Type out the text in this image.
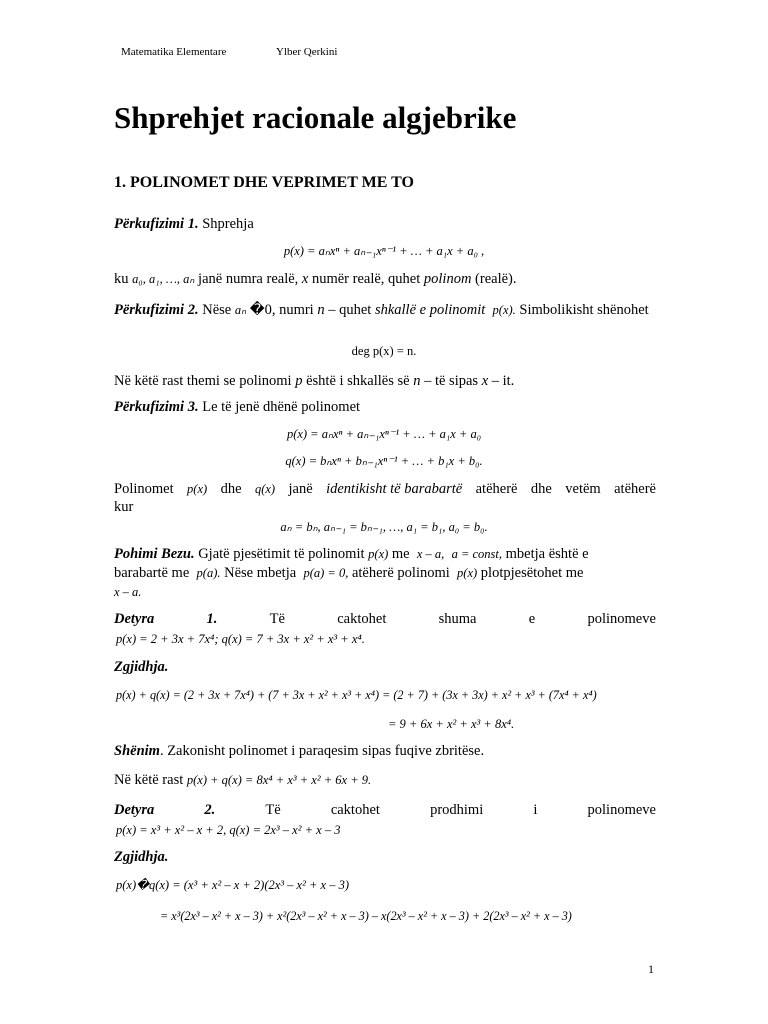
Matematika Elementare	Ylber Qerkini
Shprehjet racionale algjebrike
1. POLINOMET DHE VEPRIMET ME TO
Përkufizimi 1. Shprehja
p(x) = aₙxⁿ + aₙ₋₁xⁿ⁻¹ + … + a₁x + a₀ ,
ku a₀, a₁, …, aₙ janë numra realë, x numër realë, quhet polinom (realë).
Përkufizimi 2. Nëse aₙ �0, numri n – quhet shkallë e polinomit p(x). Simbolikisht shënohet
deg p(x) = n.
Në këtë rast themi se polinomi p është i shkallës së n – të sipas x – it.
Përkufizimi 3. Le të jenë dhënë polinomet
p(x) = aₙxⁿ + aₙ₋₁xⁿ⁻¹ + … + a₁x + a₀
q(x) = bₙxⁿ + bₙ₋₁xⁿ⁻¹ + … + b₁x + b₀.
Polinomet p(x) dhe q(x) janë identikisht të barabartë atëherë dhe vetëm atëherë
kur
aₙ = bₙ, aₙ₋₁ = bₙ₋₁, …, a₁ = b₁, a₀ = b₀.
Pohimi Bezu. Gjatë pjesëtimit të polinomit p(x) me  x – a, a = const, mbetja është e
barabartë me  p(a). Nëse mbetja  p(a) = 0, atëherë polinomi  p(x) plotpjesëtohet me
x – a.
Detyra	1.	Të	caktohet	shuma	e	polinomeve
p(x) = 2 + 3x + 7x⁴; q(x) = 7 + 3x + x² + x³ + x⁴.
Zgjidhja.
p(x) + q(x) = (2 + 3x + 7x⁴) + (7 + 3x + x² + x³ + x⁴) = (2 + 7) + (3x + 3x) + x² + x³ + (7x⁴ + x⁴)
= 9 + 6x + x² + x³ + 8x⁴.
Shënim. Zakonisht polinomet i paraqesim sipas fuqive zbritëse.
Në këtë rast p(x) + q(x) = 8x⁴ + x³ + x² + 6x + 9.
Detyra	2.	Të	caktohet	prodhimi	i	polinomeve
p(x) = x³ + x² – x + 2, q(x) = 2x³ – x² + x – 3
Zgjidhja.
p(x)�q(x) = (x³ + x² – x + 2)(2x³ – x² + x – 3)
= x³(2x³ – x² + x – 3) + x²(2x³ – x² + x – 3) – x(2x³ – x² + x – 3) + 2(2x³ – x² + x – 3)
1
